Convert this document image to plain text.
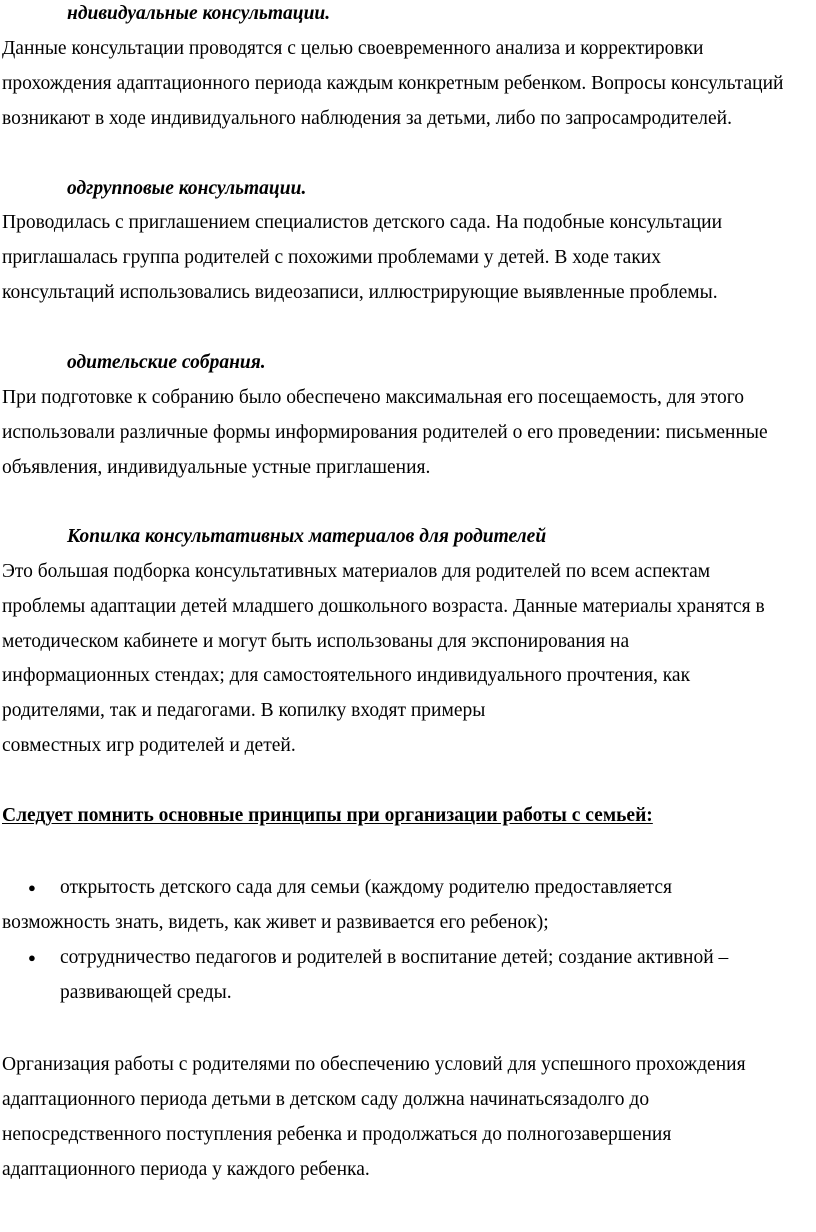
ндивидуальные консультации.
Данные консультации проводятся с целью своевременного анализа и корректировки
прохождения адаптационного периода каждым конкретным ребенком. Вопросы консультаций
возникают в ходе индивидуального наблюдения за детьми, либо по запросамродителей.
одгрупповые консультации.
Проводилась с приглашением специалистов детского сада. На подобные консультации
приглашалась группа родителей с похожими проблемами у детей. В ходе таких
консультаций использовались видеозаписи, иллюстрирующие выявленные проблемы.
одительские собрания.
При подготовке к собранию было обеспечено максимальная его посещаемость, для этого
использовали различные формы информирования родителей о его проведении: письменные
объявления, индивидуальные устные приглашения.
Копилка консультативных материалов для родителей
Это большая подборка консультативных материалов для родителей по всем аспектам
проблемы адаптации детей младшего дошкольного возраста. Данные материалы хранятся в
методическом кабинете и могут быть использованы для экспонирования на
информационных стендах; для самостоятельного индивидуального прочтения, как
родителями, так и педагогами. В копилку входят примеры
совместных игр родителей и детей.
Следует помнить основные принципы при организации работы с семьей:
● открытость детского сада для семьи (каждому родителю предоставляется
возможность знать, видеть, как живет и развивается его ребенок);
● сотрудничество педагогов и родителей в воспитание детей; создание активной –
развивающей среды.
Организация работы с родителями по обеспечению условий для успешного прохождения
адаптационного периода детьми в детском саду должна начинатьсязадолго до
непосредственного поступления ребенка и продолжаться до полногозавершения
адаптационного периода у каждого ребенка.
